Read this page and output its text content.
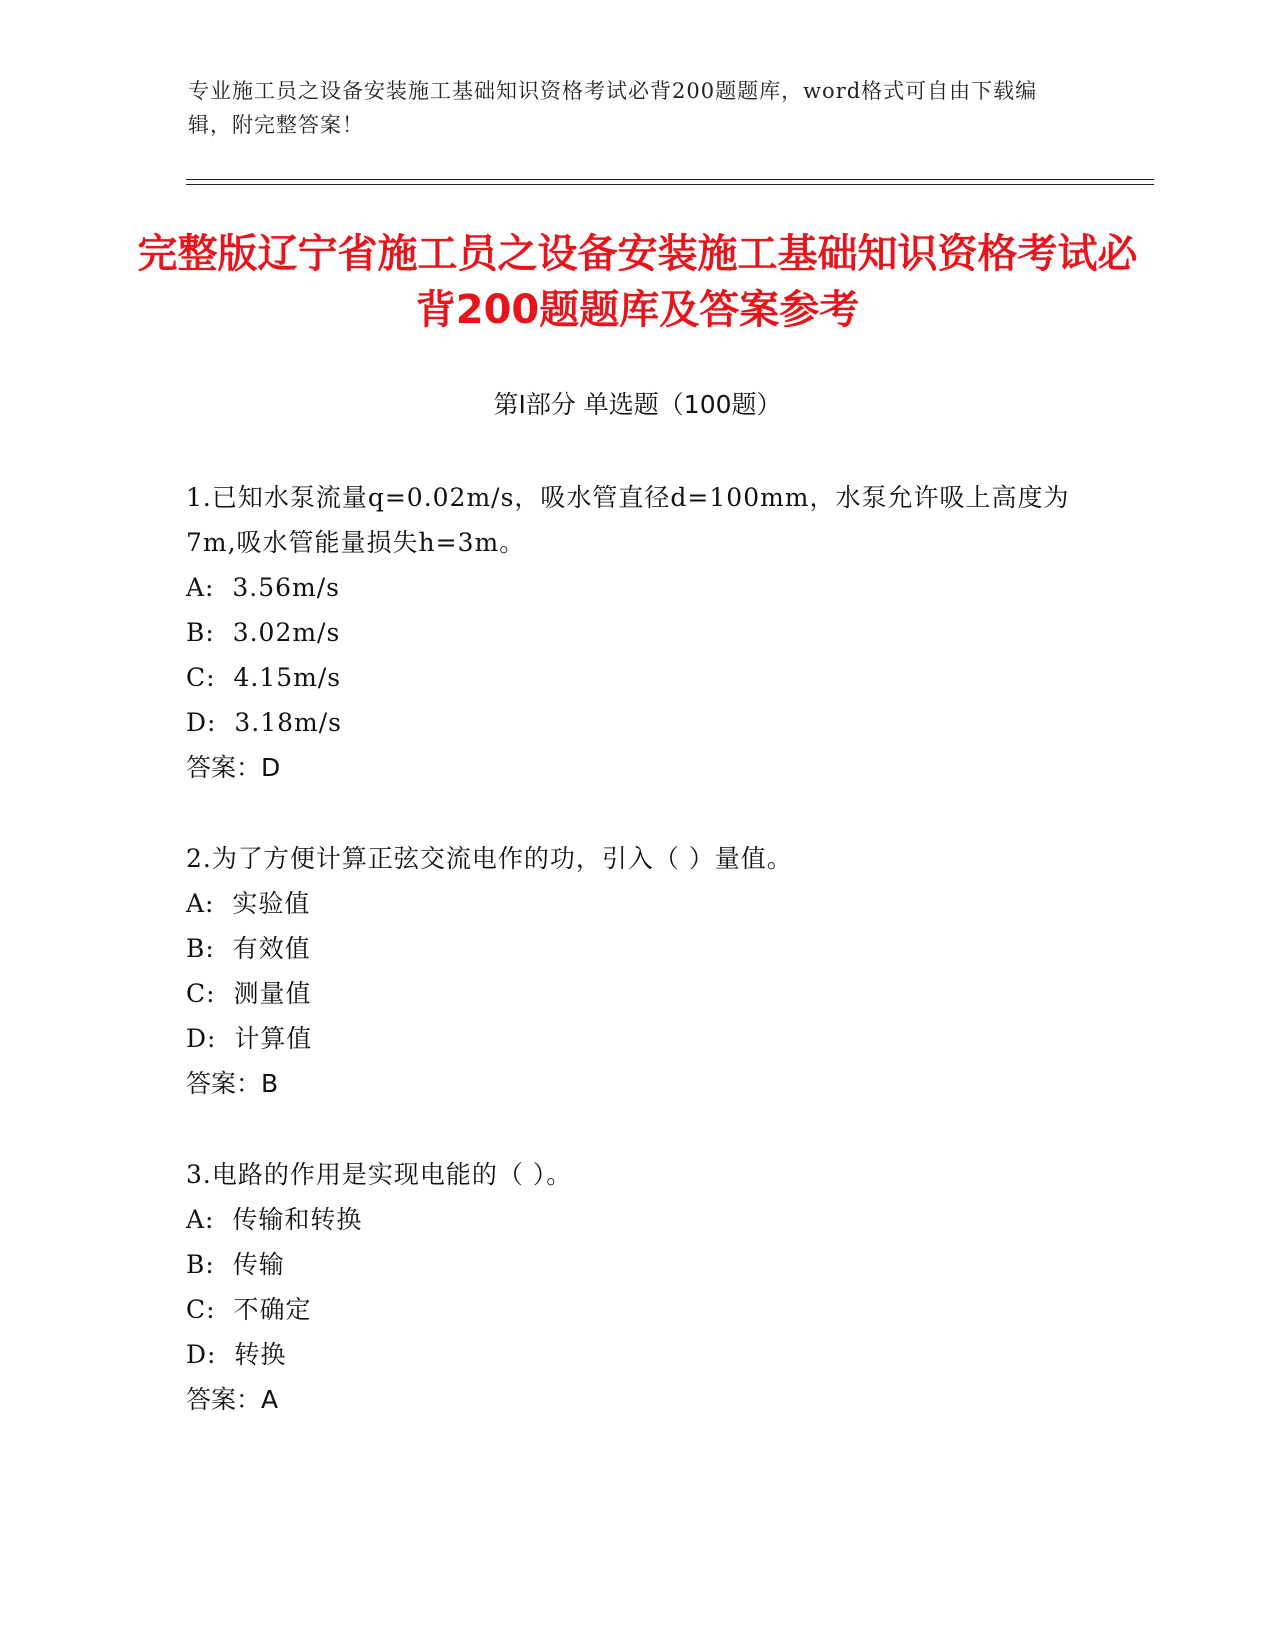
专业施工员之设备安装施工基础知识资格考试必背200题题库，word格式可自由下载编辑，附完整答案！
完整版辽宁省施工员之设备安装施工基础知识资格考试必背200题题库及答案参考
第Ⅰ部分 单选题（100题）
1.已知水泵流量q=0.02m/s，吸水管直径d=100mm，水泵允许吸上高度为7m,吸水管能量损失h=3m。
A:  3.56m/s
B:  3.02m/s
C:  4.15m/s
D:  3.18m/s
答案：D
2.为了方便计算正弦交流电作的功，引入（ ）量值。
A:  实验值
B:  有效值
C:  测量值
D:  计算值
答案：B
3.电路的作用是实现电能的（ ）。
A:  传输和转换
B:  传输
C:  不确定
D:  转换
答案：A
